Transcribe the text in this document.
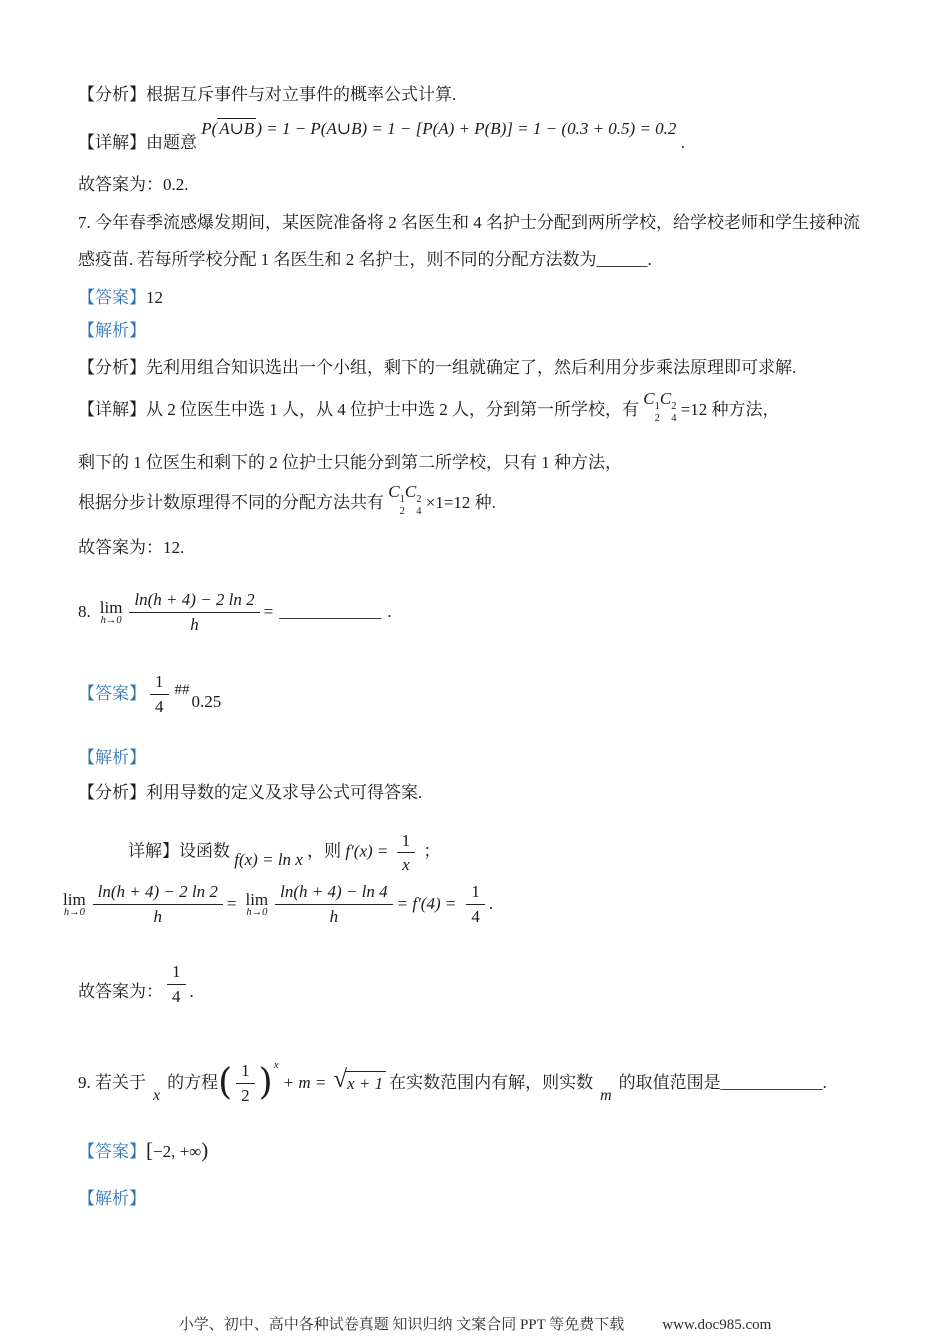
【分析】根据互斥事件与对立事件的概率公式计算.
【详解】由题意 P( A∪B ) = 1 − P(A∪B) = 1 − [P(A) + P(B)] = 1 − (0.3 + 0.5) = 0.2 .
故答案为：0.2.
7. 今年春季流感爆发期间，某医院准备将 2 名医生和 4 名护士分配到两所学校，给学校老师和学生接种流
感疫苗. 若每所学校分配 1 名医生和 2 名护士，则不同的分配方法数为______.
【答案】12
【解析】
【分析】先利用组合知识选出一个小组，剩下的一组就确定了，然后利用分步乘法原理即可求解.
【详解】从 2 位医生中选 1 人，从 4 位护士中选 2 人，分到第一所学校，有 C 1
2
C 2
4 =12 种方法，
剩下的 1 位医生和剩下的 2 位护士只能分到第二所学校，只有 1 种方法，
根据分步计数原理得不同的分配方法共有 C 1
2
C 2
4 ×1=12 种.
故答案为：12.
8. lim
$h\to 0 \frac{\ln(h + 4) - 2 \ln 2}{h}$ = ____________ .
【答案】 $\frac{1}{4}$ ##
0.25
【解析】
【分析】利用导数的定义及求导公式可得答案.
详解】设函数 f(x) = ln x ，则 $f'(x) = \frac{1}{x}$ ；
lim
$h\to 0 \frac{\ln(h + 4) - 2 \ln 2}{h} = \lim$
$h\to 0 \frac{\ln(h + 4) - \ln 4}{h} = f'(4) = \frac{1}{4}$ .
故答案为： $\frac{1}{4}$ .
9. 若关于
x
的方程 ( $\frac{1}{2}$ ) x
+ m = √ x + 1 在实数范围内有解，则实数
m
的取值范围是____________.
【答案】[−2, +∞)
【解析】
小学、初中、高中各种试卷真题 知识归纳 文案合同 PPT 等免费下载	www.doc985.com
